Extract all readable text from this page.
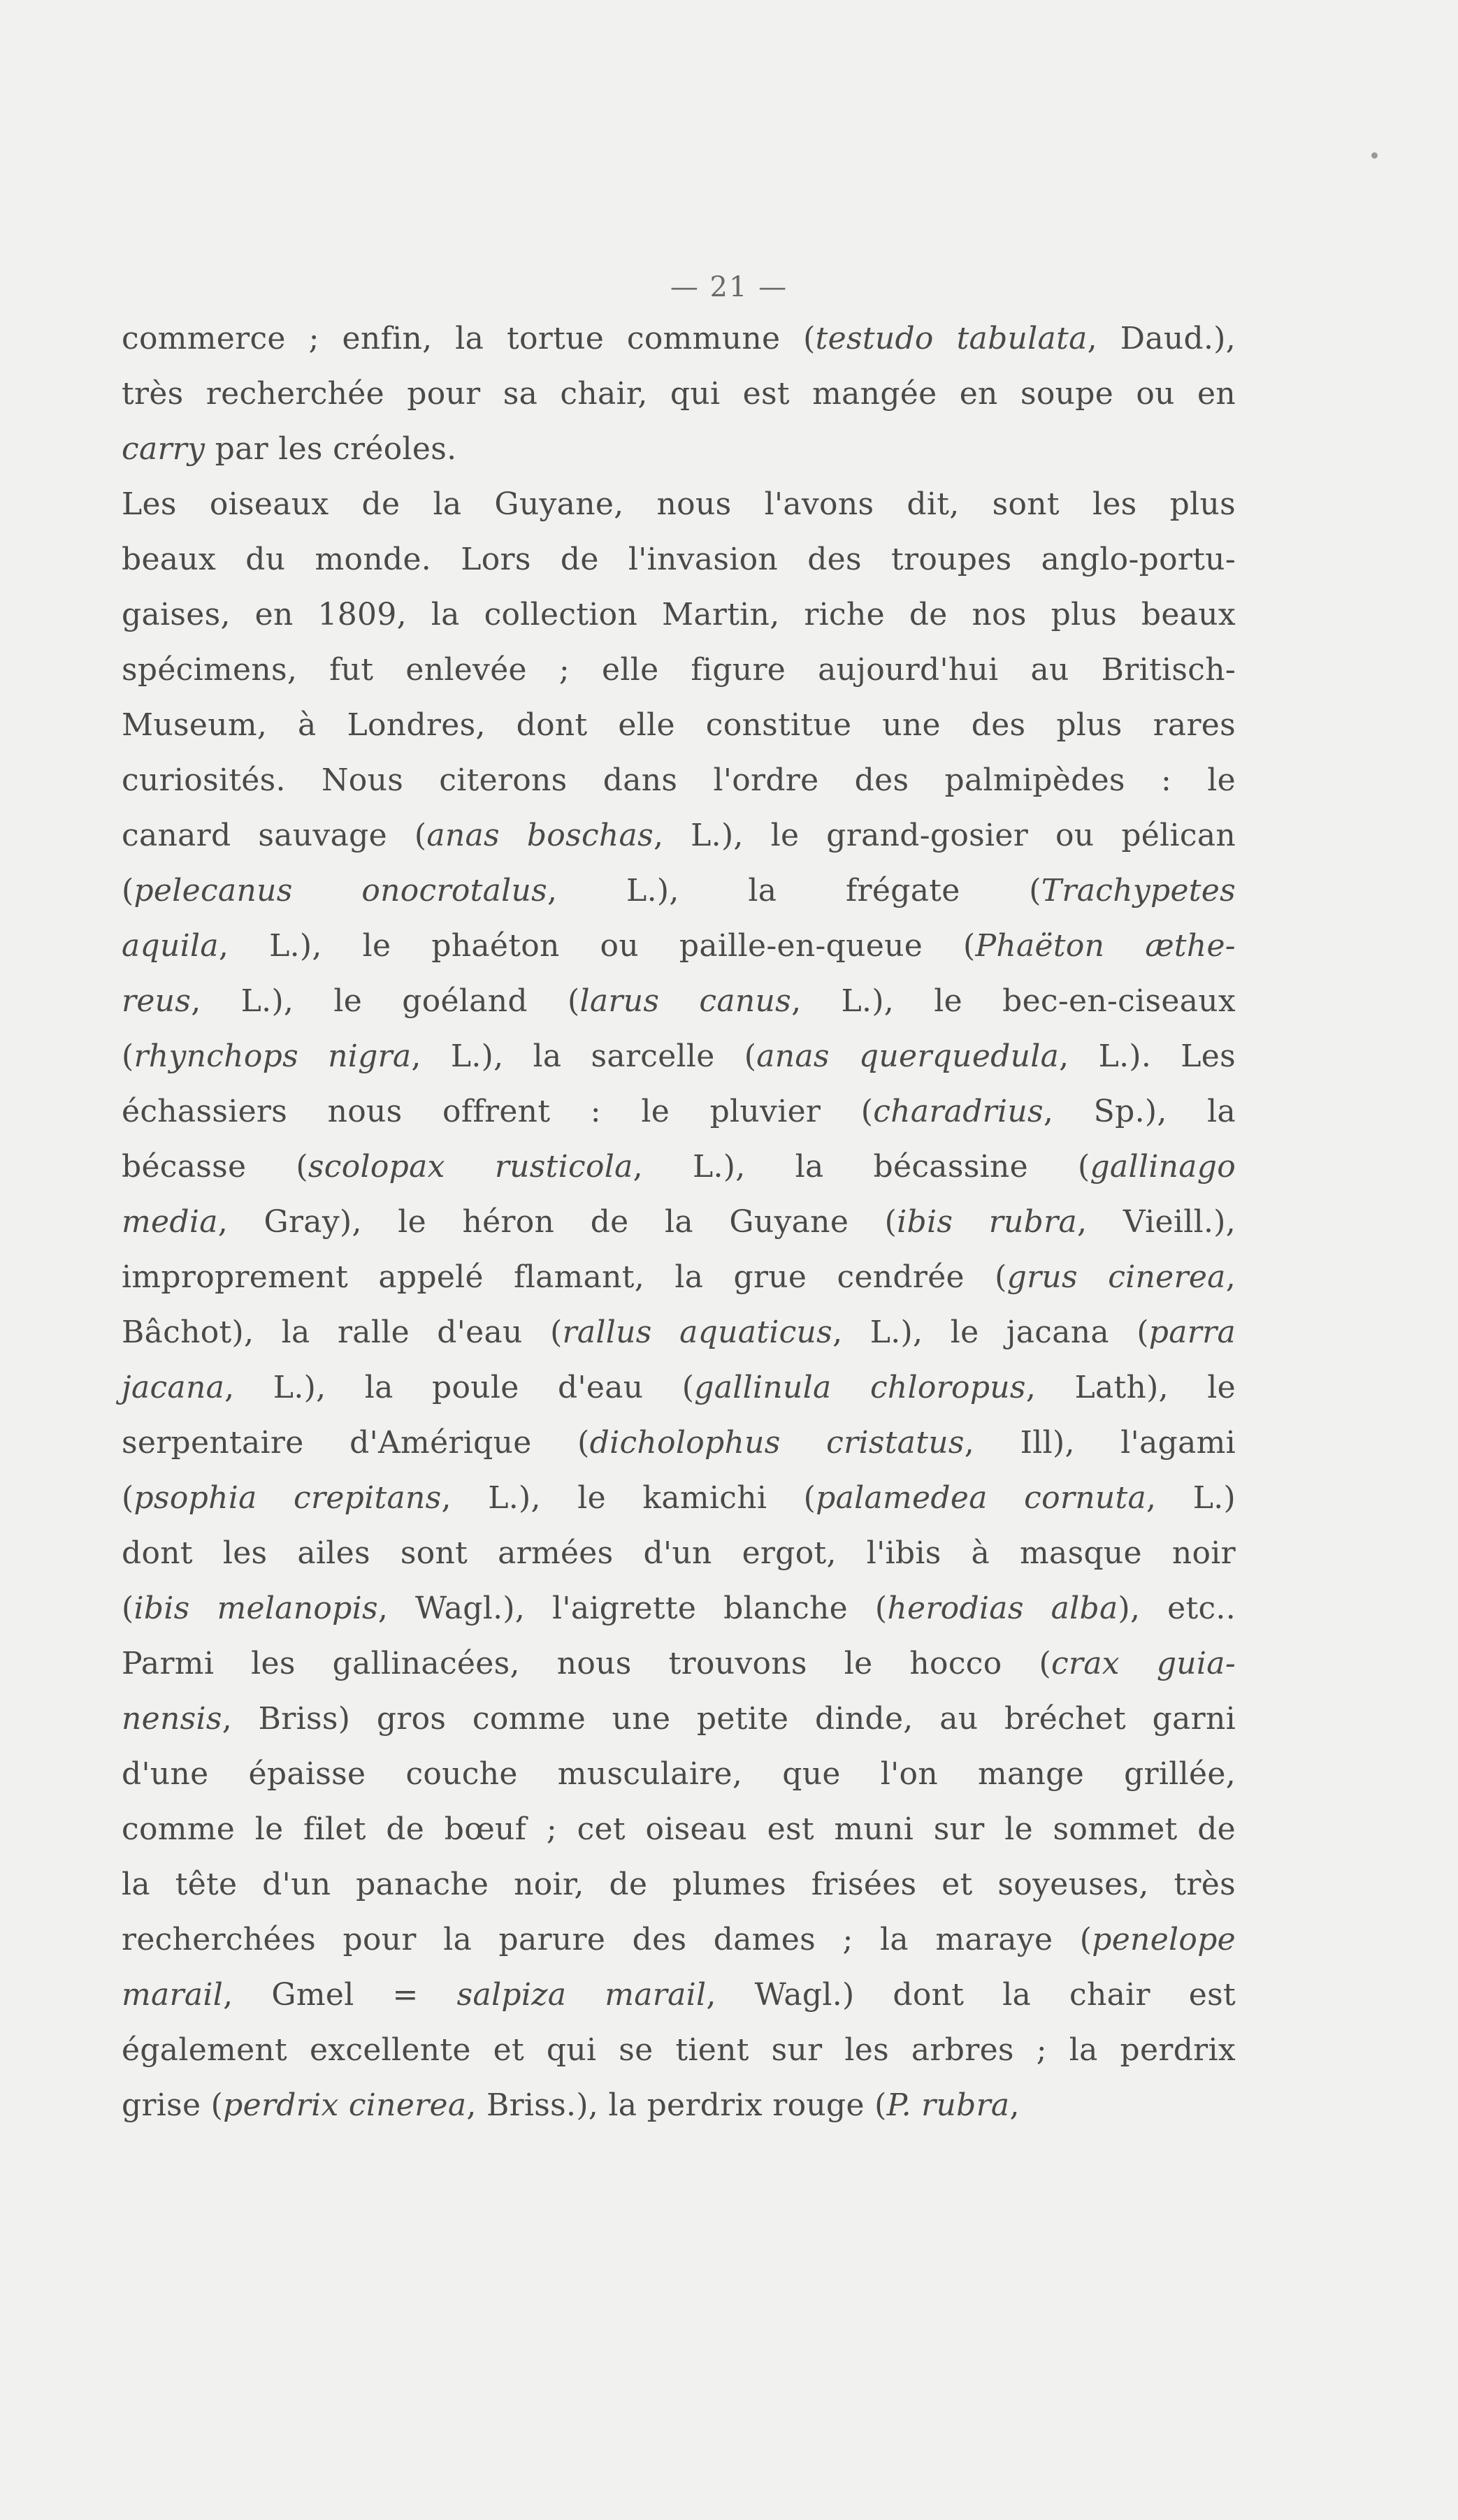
— 21 —
commerce ; enfin, la tortue commune (testudo tabulata, Daud.),
très recherchée pour sa chair, qui est mangée en soupe ou en
carry par les créoles.
Les oiseaux de la Guyane, nous l'avons dit, sont les plus
beaux du monde. Lors de l'invasion des troupes anglo-portu-
gaises, en 1809, la collection Martin, riche de nos plus beaux
spécimens, fut enlevée ; elle figure aujourd'hui au Britisch-
Museum, à Londres, dont elle constitue une des plus rares
curiosités. Nous citerons dans l'ordre des palmipèdes : le
canard sauvage (anas boschas, L.), le grand-gosier ou pélican
(pelecanus onocrotalus, L.), la frégate (Trachypetes
aquila, L.), le phaéton ou paille-en-queue (Phaëton æthe-
reus, L.), le goéland (larus canus, L.), le bec-en-ciseaux
(rhynchops nigra, L.), la sarcelle (anas querquedula, L.). Les
échassiers nous offrent : le pluvier (charadrius, Sp.), la
bécasse (scolopax rusticola, L.), la bécassine (gallinago
media, Gray), le héron de la Guyane (ibis rubra, Vieill.),
improprement appelé flamant, la grue cendrée (grus cinerea,
Bâchot), la ralle d'eau (rallus aquaticus, L.), le jacana (parra
jacana, L.), la poule d'eau (gallinula chloropus, Lath), le
serpentaire d'Amérique (dicholophus cristatus, Ill), l'agami
(psophia crepitans, L.), le kamichi (palamedea cornuta, L.)
dont les ailes sont armées d'un ergot, l'ibis à masque noir
(ibis melanopis, Wagl.), l'aigrette blanche (herodias alba), etc..
Parmi les gallinacées, nous trouvons le hocco (crax guia-
nensis, Briss) gros comme une petite dinde, au bréchet garni
d'une épaisse couche musculaire, que l'on mange grillée,
comme le filet de bœuf ; cet oiseau est muni sur le sommet de
la tête d'un panache noir, de plumes frisées et soyeuses, très
recherchées pour la parure des dames ; la maraye (penelope
marail, Gmel = salpiza marail, Wagl.) dont la chair est
également excellente et qui se tient sur les arbres ; la perdrix
grise (perdrix cinerea, Briss.), la perdrix rouge (P. rubra,
